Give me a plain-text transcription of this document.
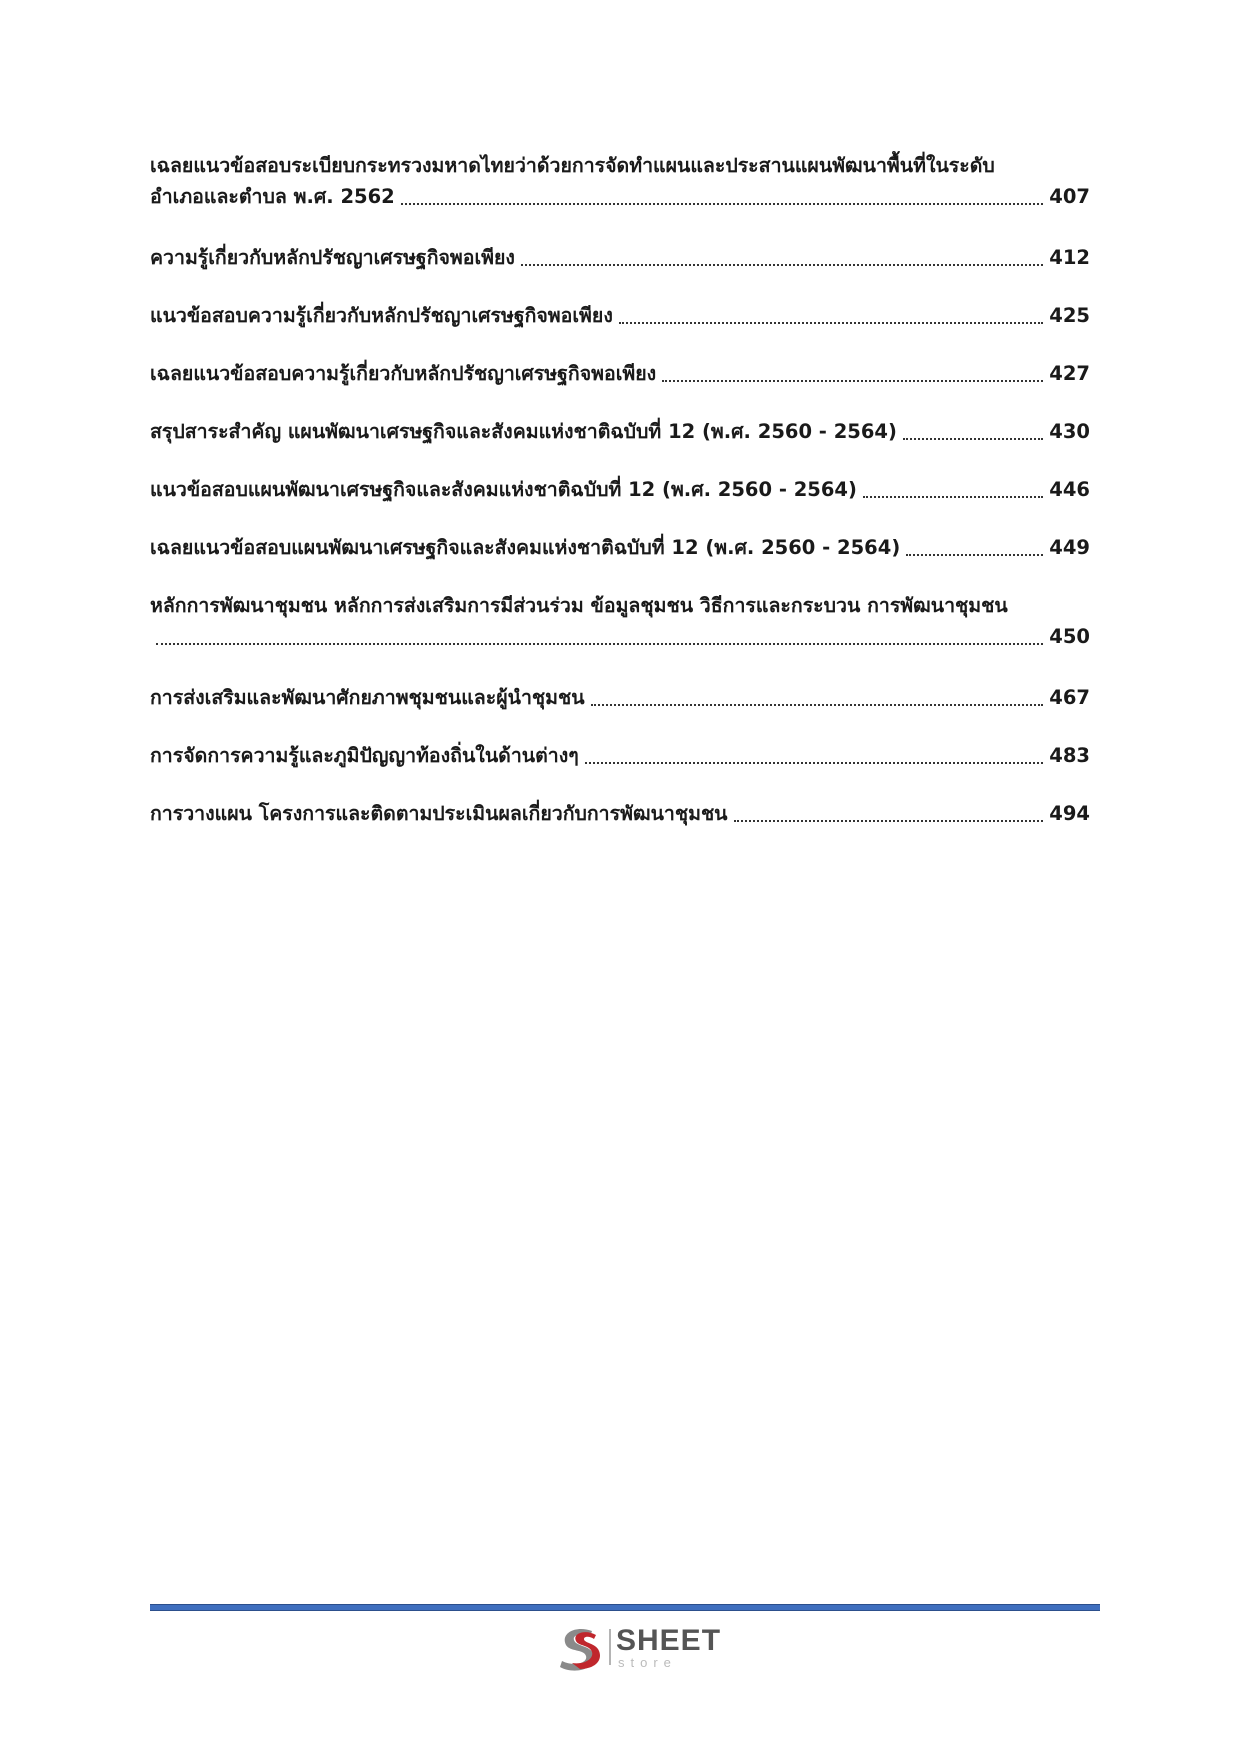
เฉลยแนวข้อสอบระเบียบกระทรวงมหาดไทยว่าด้วยการจัดทำแผนและประสานแผนพัฒนาพื้นที่ในระดับ
อำเภอและตำบล พ.ศ. 2562	407
ความรู้เกี่ยวกับหลักปรัชญาเศรษฐกิจพอเพียง	412
แนวข้อสอบความรู้เกี่ยวกับหลักปรัชญาเศรษฐกิจพอเพียง	425
เฉลยแนวข้อสอบความรู้เกี่ยวกับหลักปรัชญาเศรษฐกิจพอเพียง	427
สรุปสาระสำคัญ แผนพัฒนาเศรษฐกิจและสังคมแห่งชาติฉบับที่ 12 (พ.ศ. 2560 - 2564)	430
แนวข้อสอบแผนพัฒนาเศรษฐกิจและสังคมแห่งชาติฉบับที่ 12 (พ.ศ. 2560 - 2564)	446
เฉลยแนวข้อสอบแผนพัฒนาเศรษฐกิจและสังคมแห่งชาติฉบับที่ 12 (พ.ศ. 2560 - 2564)	449
หลักการพัฒนาชุมชน หลักการส่งเสริมการมีส่วนร่วม ข้อมูลชุมชน วิธีการและกระบวน การพัฒนาชุมชน
450
การส่งเสริมและพัฒนาศักยภาพชุมชนและผู้นำชุมชน	467
การจัดการความรู้และภูมิปัญญาท้องถิ่นในด้านต่างๆ	483
การวางแผน โครงการและติดตามประเมินผลเกี่ยวกับการพัฒนาชุมชน	494
SHEET
store
